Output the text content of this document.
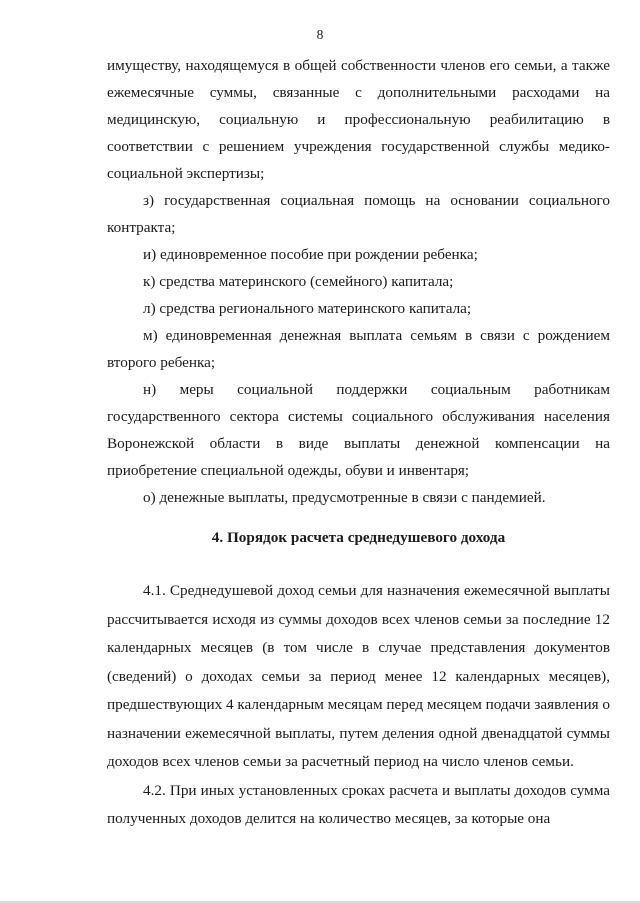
8

имуществу, находящемуся в общей собственности членов его семьи, а также ежемесячные суммы, связанные с дополнительными расходами на медицинскую, социальную и профессиональную реабилитацию в соответствии с решением учреждения государственной службы медико-социальной экспертизы;

з) государственная социальная помощь на основании социального контракта;

и) единовременное пособие при рождении ребенка;

к) средства материнского (семейного) капитала;

л) средства регионального материнского капитала;

м) единовременная денежная выплата семьям в связи с рождением второго ребенка;

н) меры социальной поддержки социальным работникам государственного сектора системы социального обслуживания населения Воронежской области в виде выплаты денежной компенсации на приобретение специальной одежды, обуви и инвентаря;

о) денежные выплаты, предусмотренные в связи с пандемией.

4. Порядок расчета среднедушевого дохода

4.1. Среднедушевой доход семьи для назначения ежемесячной выплаты рассчитывается исходя из суммы доходов всех членов семьи за последние 12 календарных месяцев (в том числе в случае представления документов (сведений) о доходах семьи за период менее 12 календарных месяцев), предшествующих 4 календарным месяцам перед месяцем подачи заявления о назначении ежемесячной выплаты, путем деления одной двенадцатой суммы доходов всех членов семьи за расчетный период на число членов семьи.

4.2. При иных установленных сроках расчета и выплаты доходов сумма полученных доходов делится на количество месяцев, за которые она
